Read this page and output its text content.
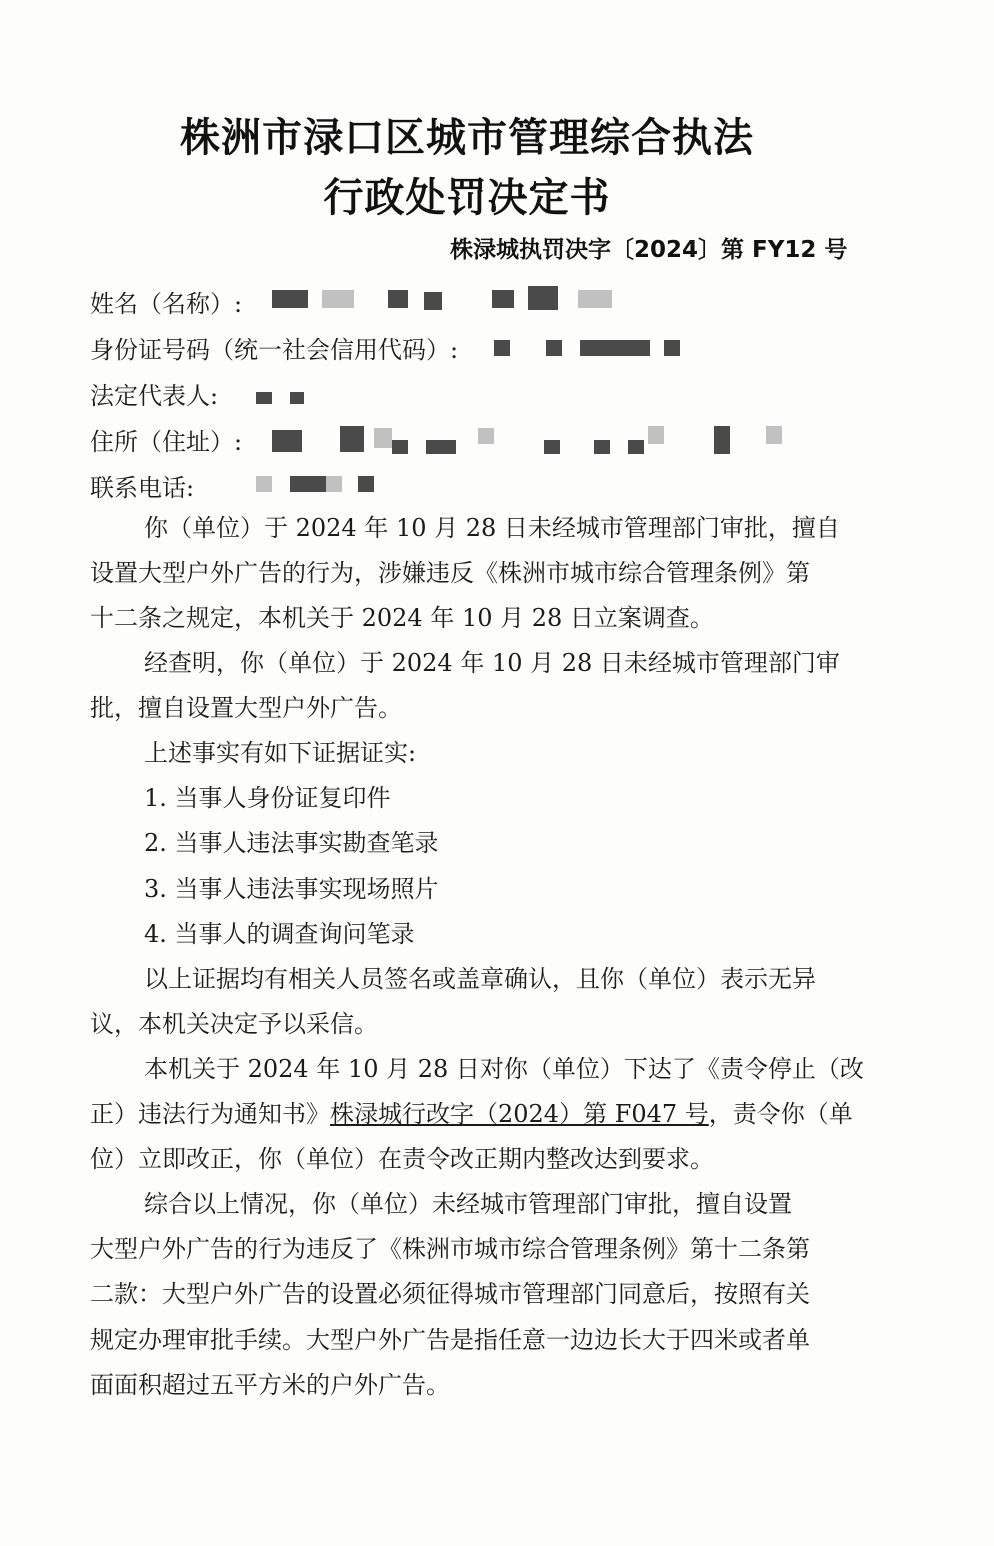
株洲市渌口区城市管理综合执法
行政处罚决定书
株渌城执罚决字〔2024〕第 FY12 号
姓名（名称）:
身份证号码（统一社会信用代码）:
法定代表人:
住所（住址）:
联系电话:
你（单位）于 2024 年 10 月 28 日未经城市管理部门审批，擅自
设置大型户外广告的行为，涉嫌违反《株洲市城市综合管理条例》第
十二条之规定，本机关于 2024 年 10 月 28 日立案调查。
经查明，你（单位）于 2024 年 10 月 28 日未经城市管理部门审
批，擅自设置大型户外广告。
上述事实有如下证据证实:
1. 当事人身份证复印件
2. 当事人违法事实勘查笔录
3. 当事人违法事实现场照片
4. 当事人的调查询问笔录
以上证据均有相关人员签名或盖章确认，且你（单位）表示无异
议，本机关决定予以采信。
本机关于 2024 年 10 月 28 日对你（单位）下达了《责令停止（改
正）违法行为通知书》株渌城行改字（2024）第 F047 号，责令你（单
位）立即改正，你（单位）在责令改正期内整改达到要求。
综合以上情况，你（单位）未经城市管理部门审批，擅自设置
大型户外广告的行为违反了《株洲市城市综合管理条例》第十二条第
二款：大型户外广告的设置必须征得城市管理部门同意后，按照有关
规定办理审批手续。大型户外广告是指任意一边边长大于四米或者单
面面积超过五平方米的户外广告。
